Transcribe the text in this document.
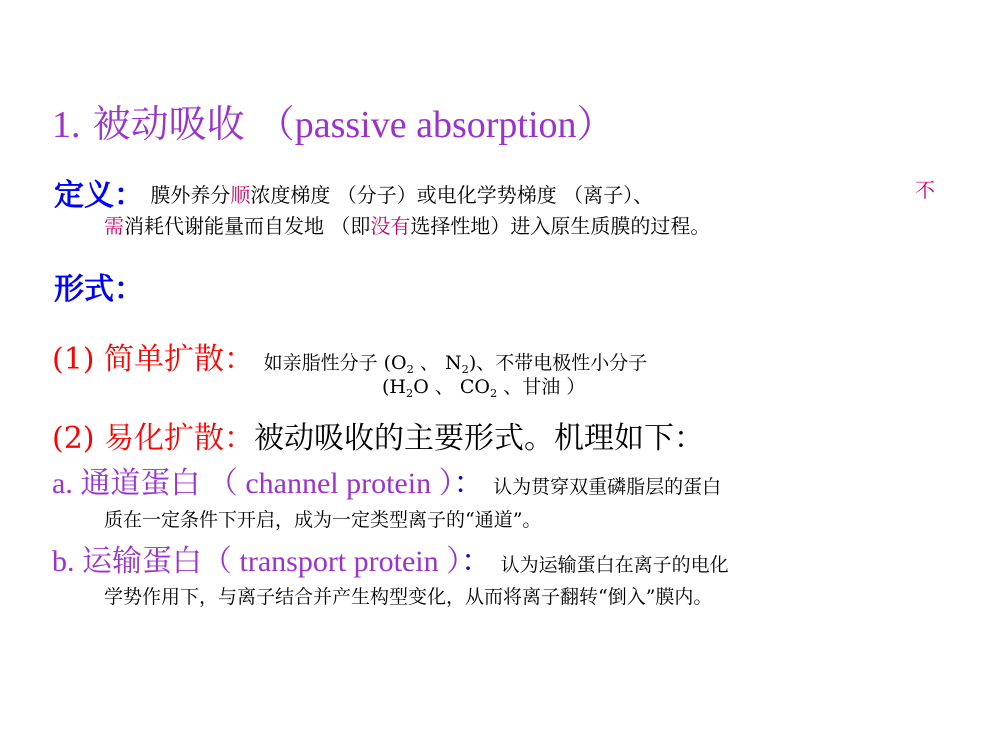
1. 被动吸收 （passive absorption）
定义： 膜外养分顺浓度梯度 （分子）或电化学势梯度 （离子）、	不
需消耗代谢能量而自发地 （即没有选择性地）进入原生质膜的过程。
形式：
(1) 简单扩散： 如亲脂性分子 ($O_2$ 、 $N_2$)、不带电极性小分子
($H_2O$ 、 $CO_2$ 、甘油 ）
(2) 易化扩散：被动吸收的主要形式。机理如下：
a. 通道蛋白 （ channel protein ）： 认为贯穿双重磷脂层的蛋白
质在一定条件下开启，成为一定类型离子的“通道”。
b. 运输蛋白（ transport protein ）： 认为运输蛋白在离子的电化
学势作用下，与离子结合并产生构型变化，从而将离子翻转“倒入”膜内。
